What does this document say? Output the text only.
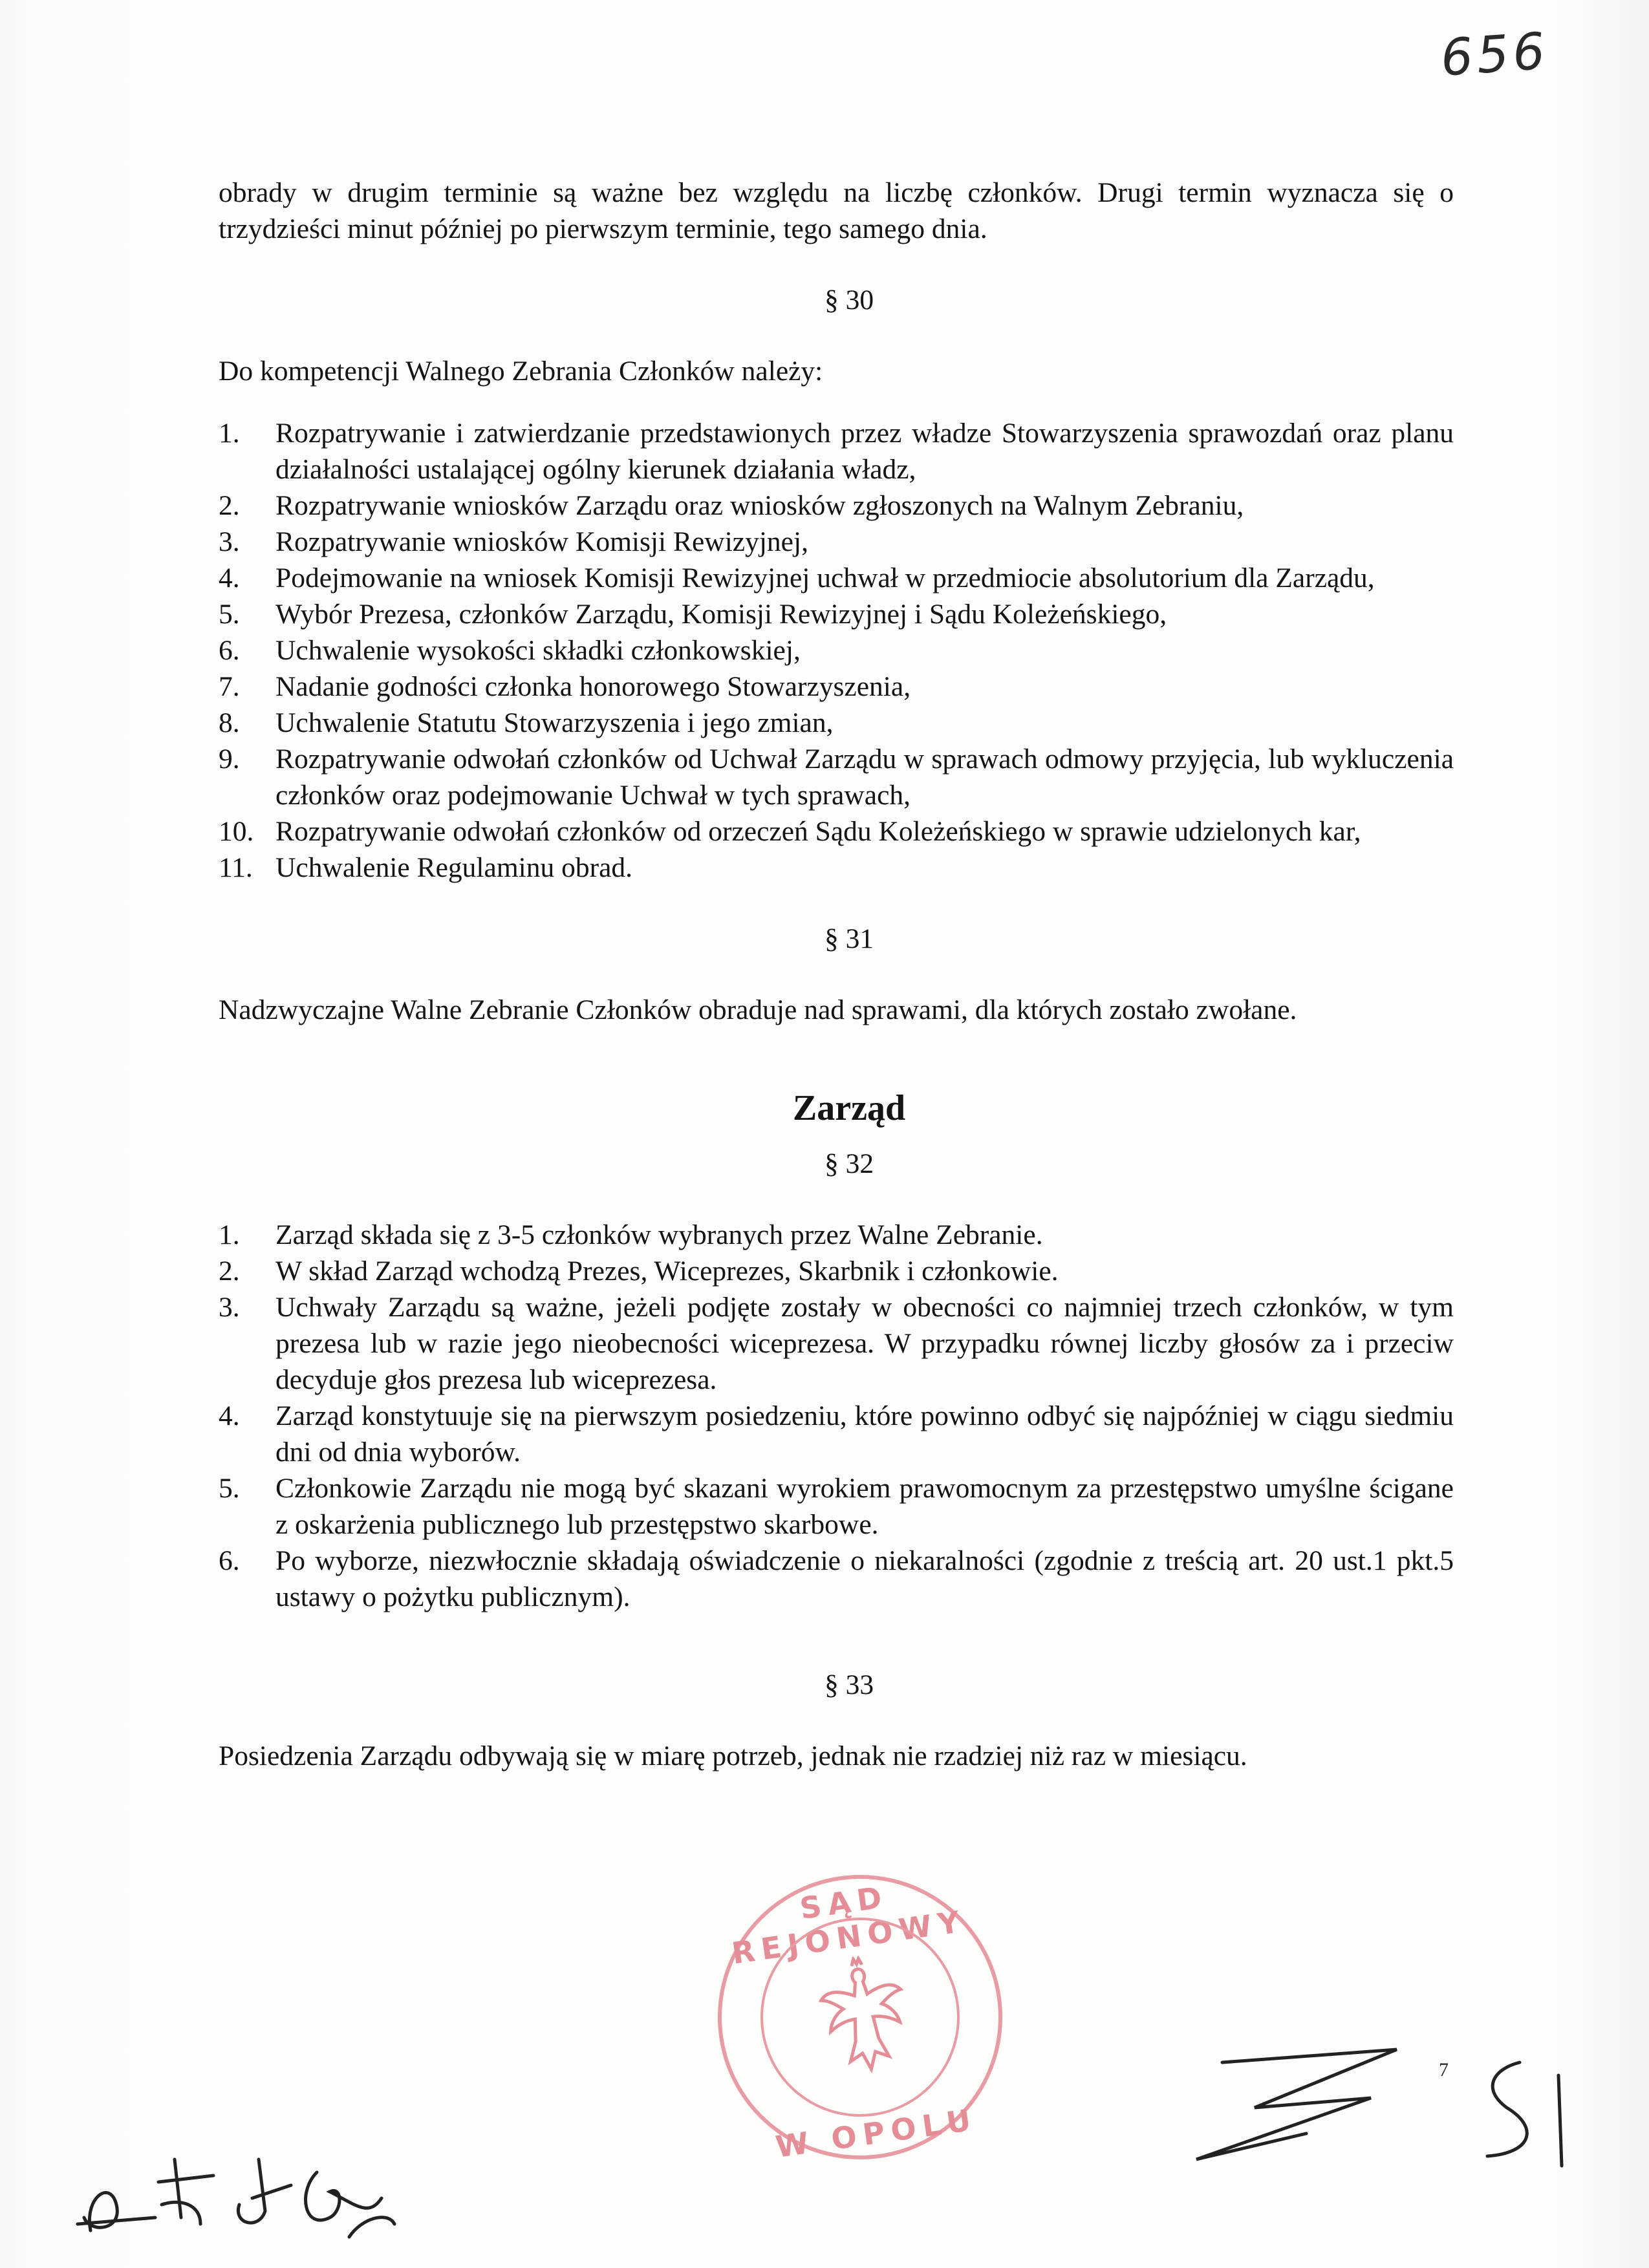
656

obrady w drugim terminie są ważne bez względu na liczbę członków. Drugi termin wyznacza się o trzydzieści minut później po pierwszym terminie, tego samego dnia.

§ 30

Do kompetencji Walnego Zebrania Członków należy:

1.	Rozpatrywanie i zatwierdzanie przedstawionych przez władze Stowarzyszenia sprawozdań oraz planu działalności ustalającej ogólny kierunek działania władz,
2.	Rozpatrywanie wniosków Zarządu oraz wniosków zgłoszonych na Walnym Zebraniu,
3.	Rozpatrywanie wniosków Komisji Rewizyjnej,
4.	Podejmowanie na wniosek Komisji Rewizyjnej uchwał w przedmiocie absolutorium dla Zarządu,
5.	Wybór Prezesa, członków Zarządu, Komisji Rewizyjnej i Sądu Koleżeńskiego,
6.	Uchwalenie wysokości składki członkowskiej,
7.	Nadanie godności członka honorowego Stowarzyszenia,
8.	Uchwalenie Statutu Stowarzyszenia i jego zmian,
9.	Rozpatrywanie odwołań członków od Uchwał Zarządu w sprawach odmowy przyjęcia, lub wykluczenia członków oraz podejmowanie Uchwał w tych sprawach,
10. Rozpatrywanie odwołań członków od orzeczeń Sądu Koleżeńskiego w sprawie udzielonych kar,
11. Uchwalenie Regulaminu obrad.
§ 31

Nadzwyczajne Walne Zebranie Członków obraduje nad sprawami, dla których zostało zwołane.

Zarząd
§ 32
1.	Zarząd składa się z 3-5 członków wybranych przez Walne Zebranie.
2.	W skład Zarząd wchodzą Prezes, Wiceprezes, Skarbnik i członkowie.
3.	Uchwały Zarządu są ważne, jeżeli podjęte zostały w obecności co najmniej trzech członków, w tym prezesa lub w razie jego nieobecności wiceprezesa. W przypadku równej liczby głosów za i przeciw decyduje głos prezesa lub wiceprezesa.
4.	Zarząd konstytuuje się na pierwszym posiedzeniu, które powinno odbyć się najpóźniej w ciągu siedmiu dni od dnia wyborów.
5.	Członkowie Zarządu nie mogą być skazani wyrokiem prawomocnym za przestępstwo umyślne ścigane z oskarżenia publicznego lub przestępstwo skarbowe.
6.	Po wyborze, niezwłocznie składają oświadczenie o niekaralności (zgodnie z treścią art. 20 ust.1 pkt.5 ustawy o pożytku publicznym).
§ 33

Posiedzenia Zarządu odbywają się w miarę potrzeb, jednak nie rzadziej niż raz w miesiącu.

SĄD REJONOWY
W OPOLU
7
